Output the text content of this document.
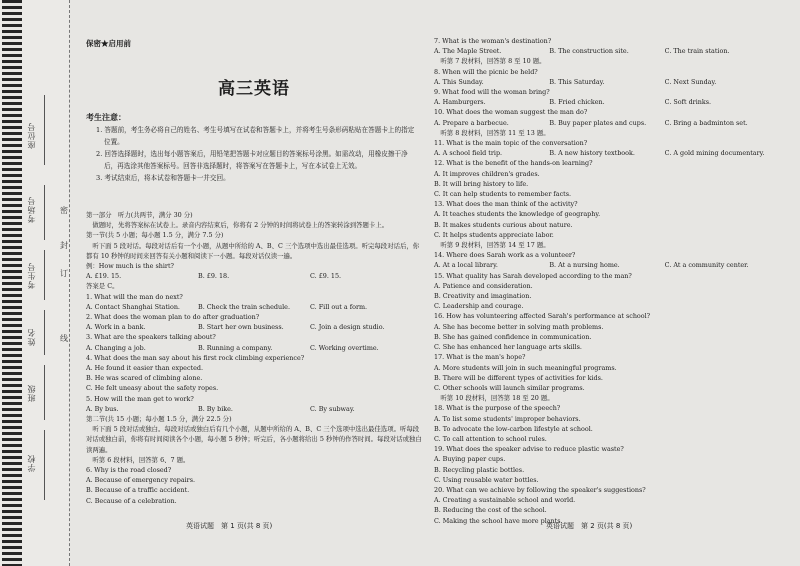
座位号
考场号
考生号
姓名
班级
学校
密
封
订
线
保密★启用前
高三英语
考生注意：

1. 答题前，考生务必将自己的姓名、考生号填写在试卷和答题卡上，并将考生号条形码粘贴在答题卡上的指定位置。

2. 回答选择题时，选出每小题答案后，用铅笔把答题卡对应题目的答案标号涂黑。如需改动，用橡皮擦干净后，再选涂其他答案标号。回答非选择题时，将答案写在答题卡上，写在本试卷上无效。

3. 考试结束后，将本试卷和答题卡一并交回。

第一部分　听力(共两节，满分 30 分)

　做题时，先将答案标在试卷上。录音内容结束后，你将有 2 分钟的时间将试卷上的答案转涂到答题卡上。

第一节(共 5 小题；每小题 1.5 分，满分 7.5 分)

　听下面 5 段对话。每段对话后有一个小题，从题中所给的 A、B、C 三个选项中选出最佳选项。听完每段对话后，你都有 10 秒钟的时间来回答有关小题和阅读下一小题。每段对话仅读一遍。

例：How much is the shirt?

A. £19. 15.	B. £9. 18.	C. £9. 15.

答案是 C。

1. What will the man do next?

A. Contact Shanghai Station.	B. Check the train schedule.	C. Fill out a form.

2. What does the woman plan to do after graduation?

A. Work in a bank.	B. Start her own business.	C. Join a design studio.

3. What are the speakers talking about?

A. Changing a job.	B. Running a company.	C. Working overtime.

4. What does the man say about his first rock climbing experience?

A. He found it easier than expected.

B. He was scared of climbing alone.

C. He felt uneasy about the safety ropes.

5. How will the man get to work?

A. By bus.	B. By bike.	C. By subway.

第二节(共 15 小题；每小题 1.5 分，满分 22.5 分)

　听下面 5 段对话或独白。每段对话或独白后有几个小题，从题中所给的 A、B、C 三个选项中选出最佳选项。听每段对话或独白前，你将有时间阅读各个小题，每小题 5 秒钟；听完后，各小题将给出 5 秒钟的作答时间。每段对话或独白读两遍。

　听第 6 段材料，回答第 6、7 题。

6. Why is the road closed?

A. Because of emergency repairs.

B. Because of a traffic accident.

C. Because of a celebration.

英语试题　第 1 页(共 8 页)

7. What is the woman's destination?

A. The Maple Street.	B. The construction site.	C. The train station.

　听第 7 段材料，回答第 8 至 10 题。

8. When will the picnic be held?

A. This Sunday.	B. This Saturday.	C. Next Sunday.

9. What food will the woman bring?

A. Hamburgers.	B. Fried chicken.	C. Soft drinks.

10. What does the woman suggest the man do?

A. Prepare a barbecue.	B. Buy paper plates and cups.	C. Bring a badminton set.

　听第 8 段材料，回答第 11 至 13 题。

11. What is the main topic of the conversation?

A. A school field trip.	B. A new history textbook.	C. A gold mining documentary.

12. What is the benefit of the hands-on learning?

A. It improves children's grades.

B. It will bring history to life.

C. It can help students to remember facts.

13. What does the man think of the activity?

A. It teaches students the knowledge of geography.

B. It makes students curious about nature.

C. It helps students appreciate labor.

　听第 9 段材料，回答第 14 至 17 题。

14. Where does Sarah work as a volunteer?

A. At a local library.	B. At a nursing home.	C. At a community center.

15. What quality has Sarah developed according to the man?

A. Patience and consideration.

B. Creativity and imagination.

C. Leadership and courage.

16. How has volunteering affected Sarah's performance at school?

A. She has become better in solving math problems.

B. She has gained confidence in communication.

C. She has enhanced her language arts skills.

17. What is the man's hope?

A. More students will join in such meaningful programs.

B. There will be different types of activities for kids.

C. Other schools will launch similar programs.

　听第 10 段材料，回答第 18 至 20 题。

18. What is the purpose of the speech?

A. To list some students' improper behaviors.

B. To advocate the low-carbon lifestyle at school.

C. To call attention to school rules.

19. What does the speaker advise to reduce plastic waste?

A. Buying paper cups.

B. Recycling plastic bottles.

C. Using reusable water bottles.

20. What can we achieve by following the speaker's suggestions?

A. Creating a sustainable school and world.

B. Reducing the cost of the school.

C. Making the school have more plants.

英语试题　第 2 页(共 8 页)
